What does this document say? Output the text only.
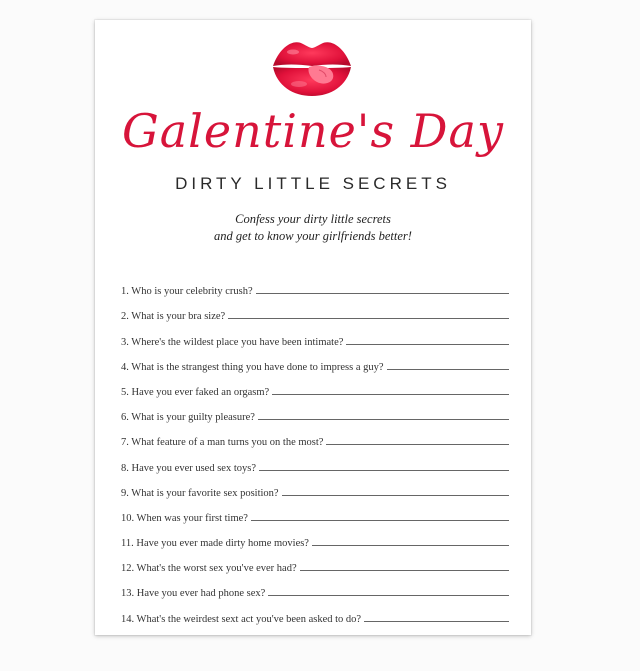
Galentine's Day
DIRTY LITTLE SECRETS
Confess your dirty little secrets
and get to know your girlfriends better!
1. Who is your celebrity crush?
2. What is your bra size?
3. Where's the wildest place you have been intimate?
4. What is the strangest thing you have done to impress a guy?
5. Have you ever faked an orgasm?
6. What is your guilty pleasure?
7. What feature of a man turns you on the most?
8. Have you ever used sex toys?
9. What is your favorite sex position?
10. When was your first time?
11. Have you ever made dirty home movies?
12. What's the worst sex you've ever had?
13. Have you ever had phone sex?
14. What's the weirdest sext act you've been asked to do?
